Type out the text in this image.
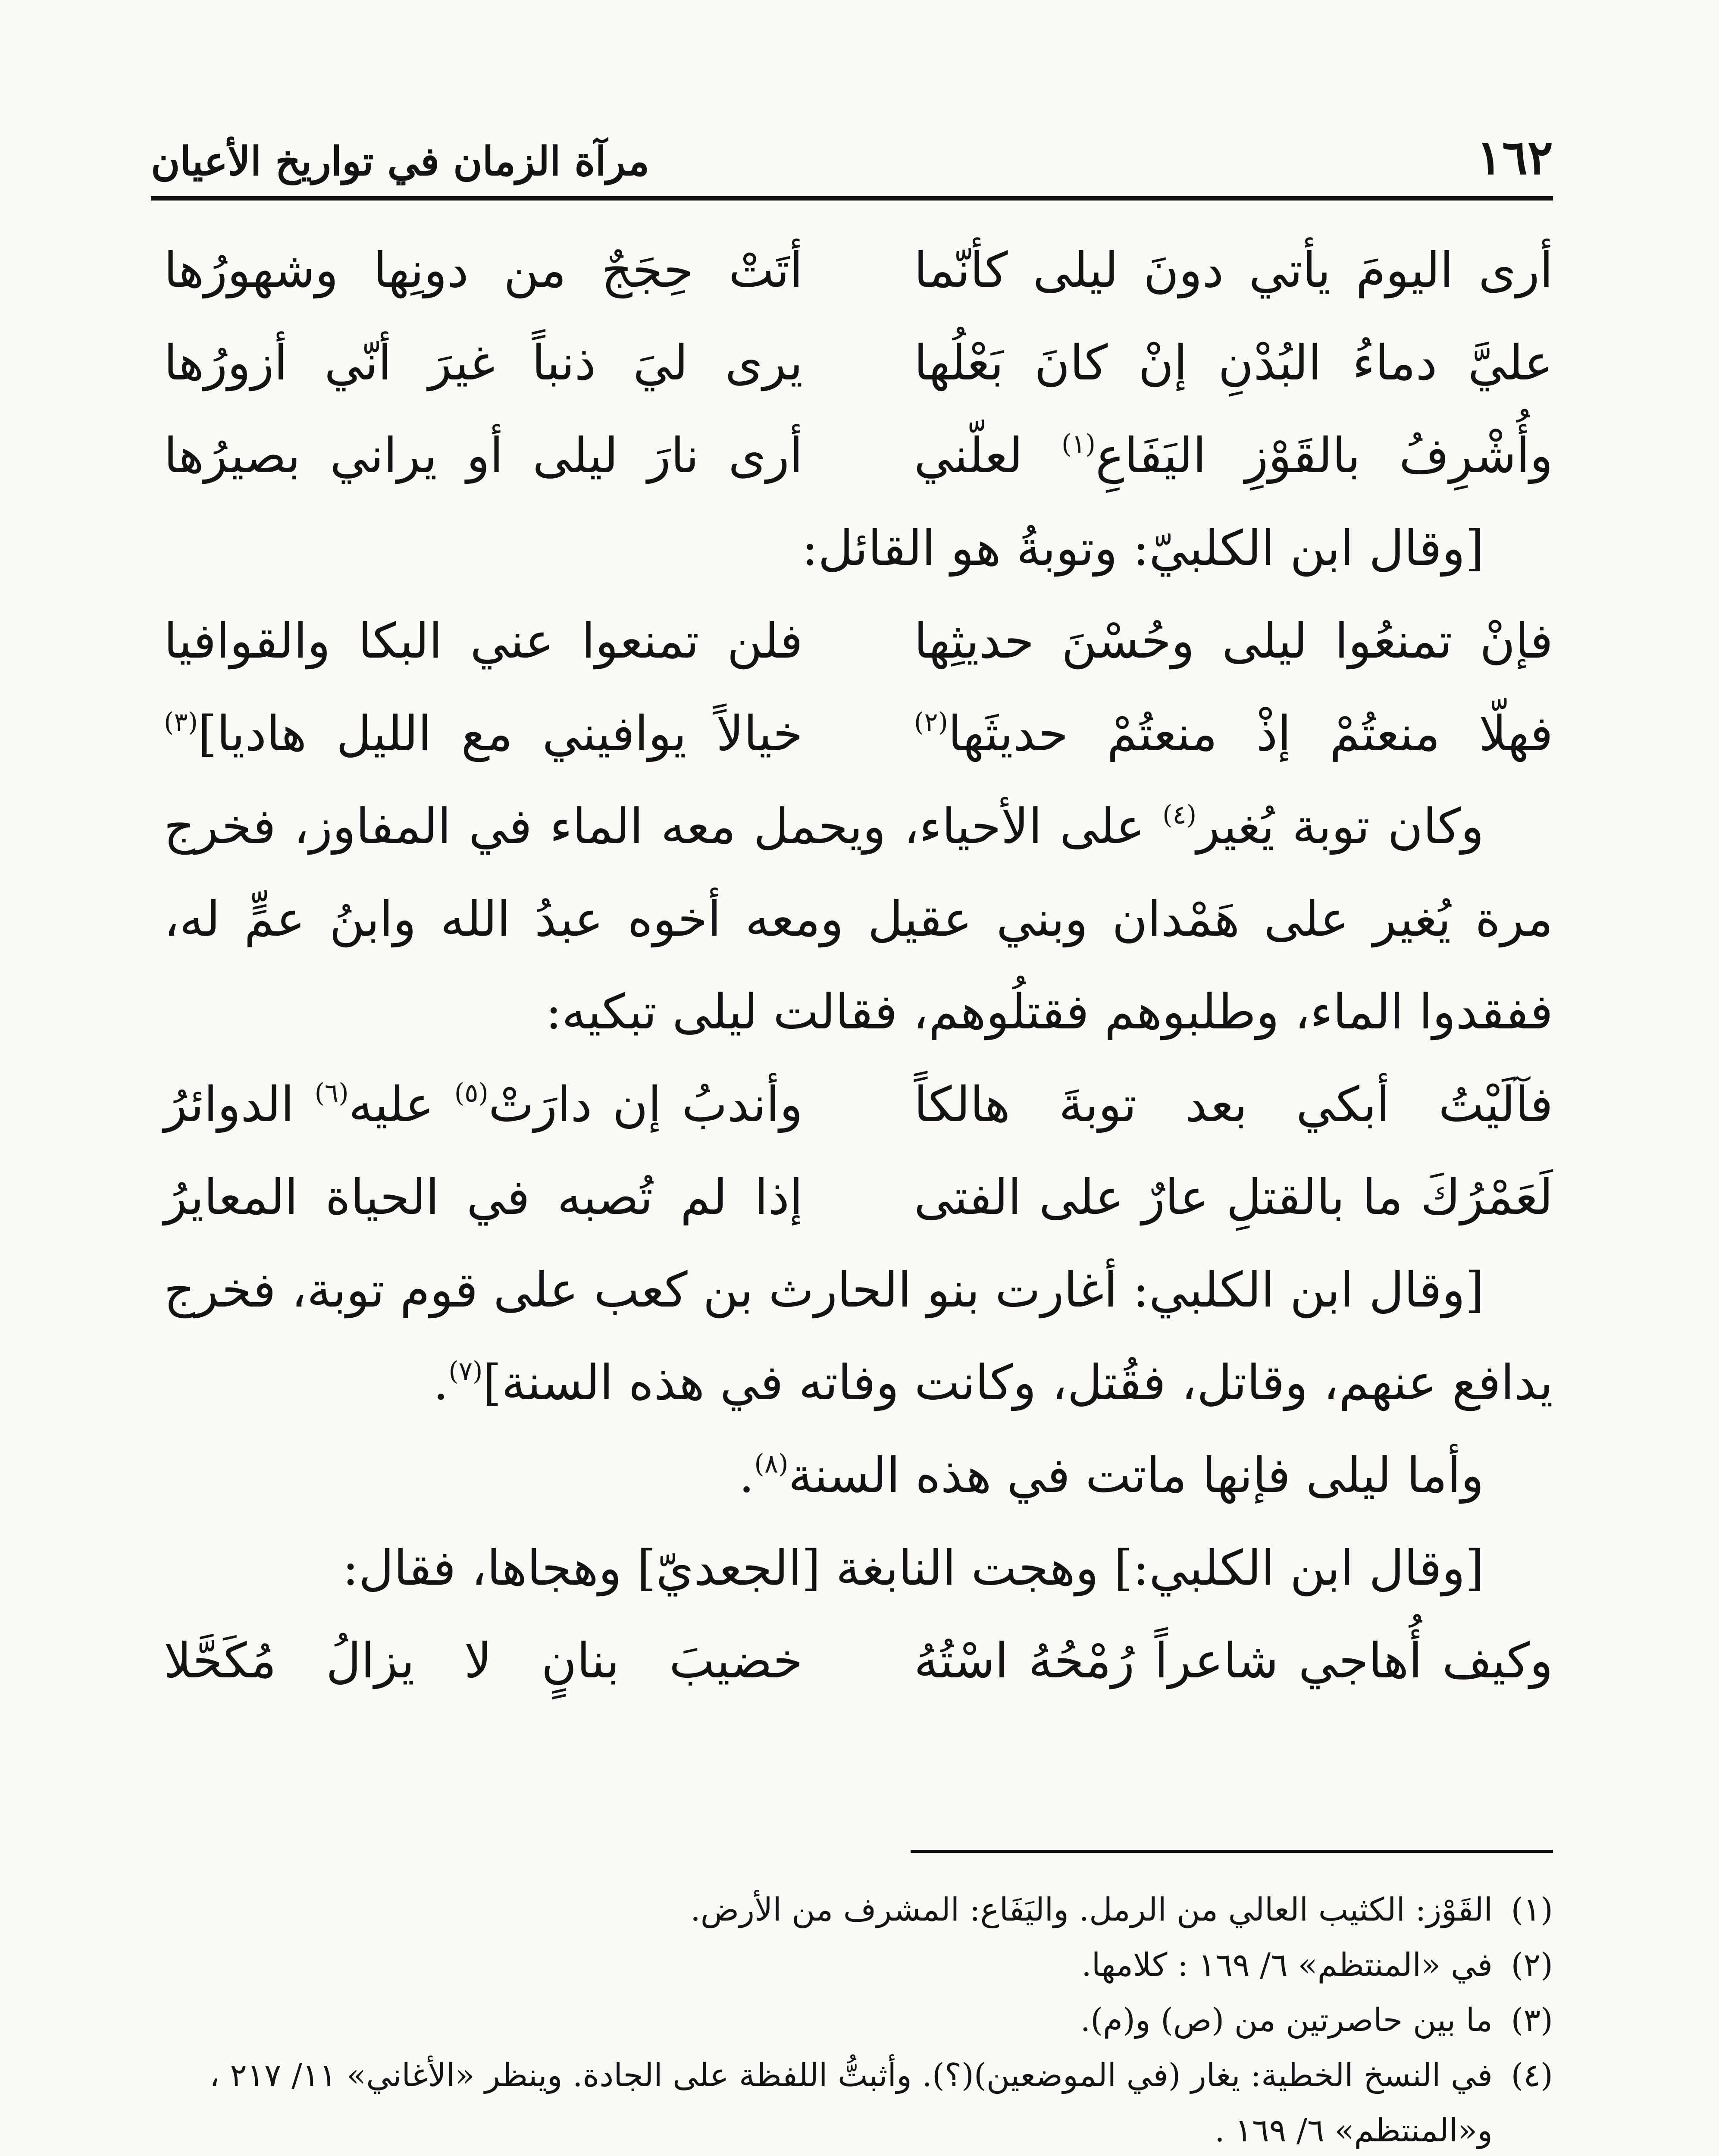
١٦٢
مرآة الزمان في تواريخ الأعيان
أرى اليومَ يأتي دونَ ليلى كأنّما
أتَتْ حِجَجٌ من دونِها وشهورُها
عليَّ دماءُ البُدْنِ إنْ كانَ بَعْلُها
يرى ليَ ذنباً غيرَ أنّي أزورُها
وأُشْرِفُ بالقَوْزِ اليَفَاعِ$^{(١)}$ لعلّني
أرى نارَ ليلى أو يراني بصيرُها

[وقال ابن الكلبيّ: وتوبةُ هو القائل:

فإنْ تمنعُوا ليلى وحُسْنَ حديثِها
فلن تمنعوا عني البكا والقوافيا
فهلّا منعتُمْ إذْ منعتُمْ حديثَها$^{(٢)}$
خيالاً يوافيني مع الليل هاديا]$^{(٣)}$

وكان توبة يُغير$^{(٤)}$ على الأحياء، ويحمل معه الماء في المفاوز، فخرج مرة يُغير على هَمْدان وبني عقيل ومعه أخوه عبدُ الله وابنُ عمٍّ له، ففقدوا الماء، وطلبوهم فقتلُوهم، فقالت ليلى تبكيه:

فآلَيْتُ أبكي بعد توبةَ هالكاً
وأندبُ إن دارَتْ$^{(٥)}$ عليه$^{(٦)}$ الدوائرُ
لَعَمْرُكَ ما بالقتلِ عارٌ على الفتى
إذا لم تُصبه في الحياة المعايرُ

[وقال ابن الكلبي: أغارت بنو الحارث بن كعب على قوم توبة، فخرج يدافع عنهم، وقاتل، فقُتل، وكانت وفاته في هذه السنة]$^{(٧)}$.

وأما ليلى فإنها ماتت في هذه السنة$^{(٨)}$.

[وقال ابن الكلبي:] وهجت النابغة [الجعديّ] وهجاها، فقال:

وكيف أُهاجي شاعراً رُمْحُهُ اسْتُهُ
خضيبَ بنانٍ لا يزالُ مُكَحَّلا

(١)القَوْز: الكثيب العالي من الرمل. واليَفَاع: المشرف من الأرض.

(٢)في «المنتظم» ٦/ ١٦٩ : كلامها.

(٣)ما بين حاصرتين من (ص) و(م).

(٤)في النسخ الخطية: يغار (في الموضعين)(؟). وأثبتُّ اللفظة على الجادة. وينظر «الأغاني» ١١/ ٢١٧ ،
و«المنتظم» ٦/ ١٦٩ .
